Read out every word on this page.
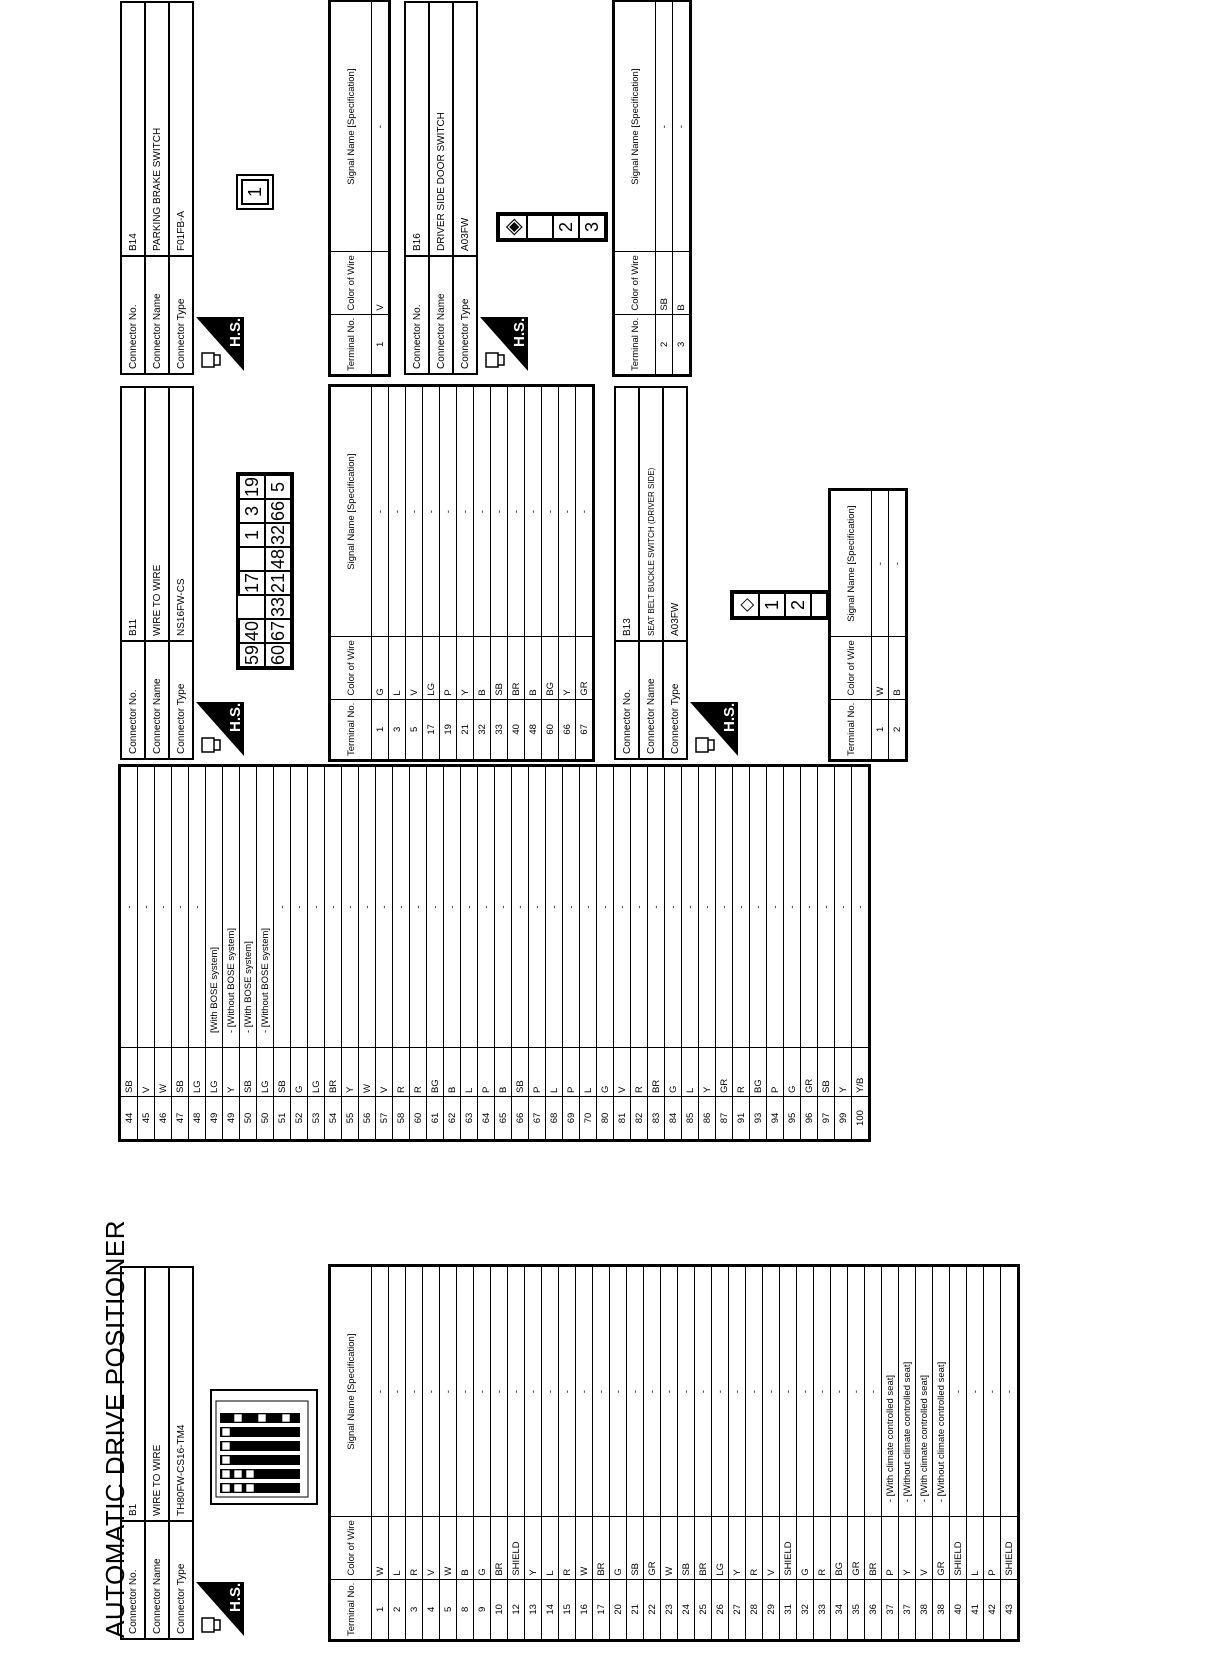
AUTOMATIC DRIVE POSITIONER
Connector No.	B1
Connector Name	WIRE TO WIRE
Connector Type	TH80FW-CS16-TM4
H.S.	Terminal No.	Color of Wire	Signal Name [Specification]
1	W	-
2	L	-
3	R	-
4	V	-
5	W	-
8	B	-
9	G	-
10	BR	-
12	SHIELD	-
13	Y	-
14	L	-
15	R	-
16	W	-
17	BR	-
20	G	-
21	SB	-
22	GR	-
23	W	-
24	SB	-
25	BR	-
26	LG	-
27	Y	-
28	R	-
29	V	-
31	SHIELD	-
32	G	-
33	R	-
34	BG	-
35	GR	-
36	BR	-
37	P	- [With climate controlled seat]
37	Y	- [Without climate controlled seat]
38	V	- [With climate controlled seat]
38	GR	- [Without climate controlled seat]
40	SHIELD	-
41	L	-
42	P	-
43	SHIELD	-
44	SB	-
45	V	-
46	W	-
47	SB	-
48	LG	-
49	LG	[With BOSE system]
49	Y	- [Without BOSE system]
50	SB	- [With BOSE system]
50	LG	- [Without BOSE system]
51	SB	-
52	G	-
53	LG	-
54	BR	-
55	Y	-
56	W	-
57	V	-
58	R	-
60	R	-
61	BG	-
62	B	-
63	L	-
64	P	-
65	B	-
66	SB	-
67	P	-
68	L	-
69	P	-
70	L	-
80	G	-
81	V	-
82	R	-
83	BR	-
84	G	-
85	L	-
86	Y	-
87	GR	-
91	R	-
93	BG	-
94	P	-
95	G	-
96	GR	-
97	SB	-
99	Y	-
100	Y/B	-
Connector No.	B11
Connector Name	WIRE TO WIRE
Connector Type	NS16FW-CS
H.S.
59	40		17		1	3	19
60	67	33	21	48	32	66	5
Terminal No.	Color of Wire	Signal Name [Specification]
1	G	-
3	L	-
5	V	-
17	LG	-
19	P	-
21	Y	-
32	B	-
33	SB	-
40	BR	-
48	B	-
60	BG	-
66	Y	-
67	GR	-
Connector No.	B13
Connector Name	SEAT BELT BUCKLE SWITCH (DRIVER SIDE)
Connector Type	A03FW
H.S.
◇
1
2

Terminal No.	Color of Wire	Signal Name [Specification]
1	W	-
2	B	-
Connector No.	B14
Connector Name	PARKING BRAKE SWITCH
Connector Type	F01FB-A
H.S.
1
Terminal No.	Color of Wire	Signal Name [Specification]
1	V	-
Connector No.	B16
Connector Name	DRIVER SIDE DOOR SWITCH
Connector Type	A03FW
H.S.
◈

2
3
Terminal No.	Color of Wire	Signal Name [Specification]
2	SB	-
3	B	-
